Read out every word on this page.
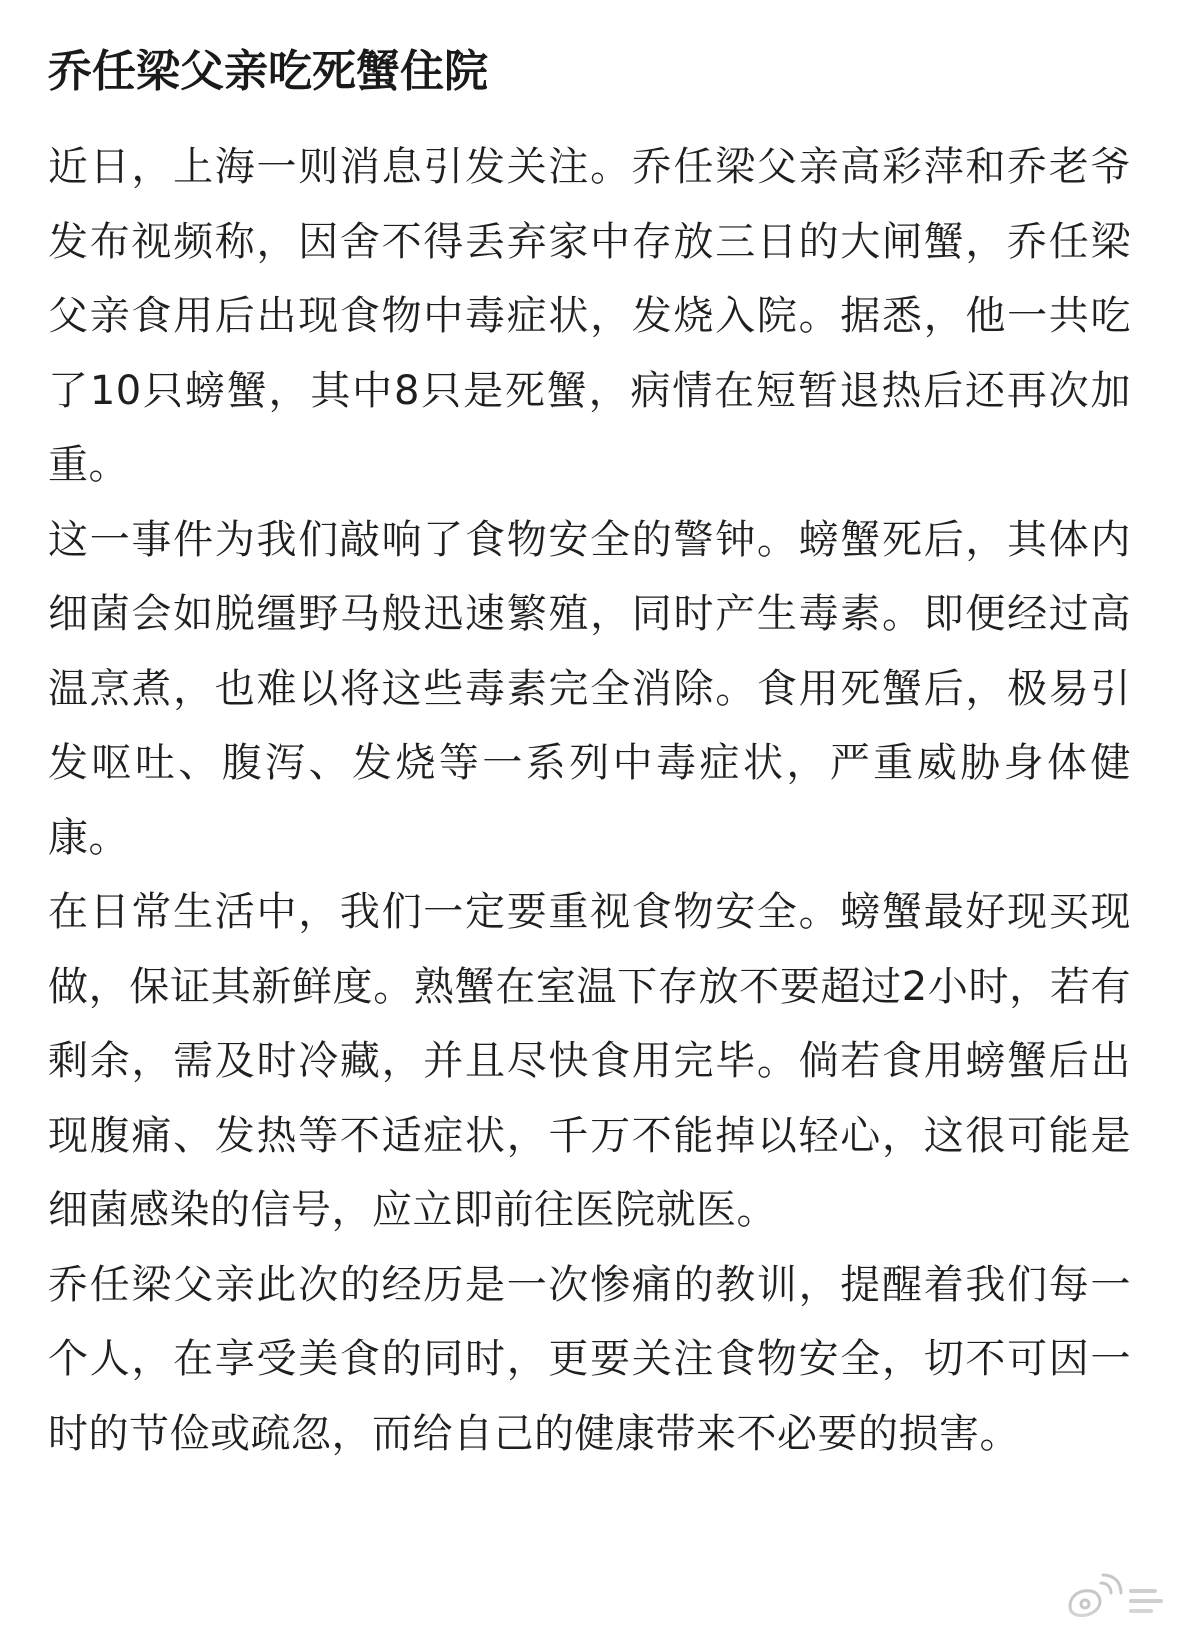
乔任梁父亲吃死蟹住院

近日，上海一则消息引发关注。乔任梁父亲高彩萍和乔老爷发布视频称，因舍不得丢弃家中存放三日的大闸蟹，乔任梁父亲食用后出现食物中毒症状，发烧入院。据悉，他一共吃了10只螃蟹，其中8只是死蟹，病情在短暂退热后还再次加重。

这一事件为我们敲响了食物安全的警钟。螃蟹死后，其体内细菌会如脱缰野马般迅速繁殖，同时产生毒素。即便经过高温烹煮，也难以将这些毒素完全消除。食用死蟹后，极易引发呕吐、腹泻、发烧等一系列中毒症状，严重威胁身体健康。

在日常生活中，我们一定要重视食物安全。螃蟹最好现买现做，保证其新鲜度。熟蟹在室温下存放不要超过2小时，若有剩余，需及时冷藏，并且尽快食用完毕。倘若食用螃蟹后出现腹痛、发热等不适症状，千万不能掉以轻心，这很可能是细菌感染的信号，应立即前往医院就医。

乔任梁父亲此次的经历是一次惨痛的教训，提醒着我们每一个人，在享受美食的同时，更要关注食物安全，切不可因一时的节俭或疏忽，而给自己的健康带来不必要的损害。
